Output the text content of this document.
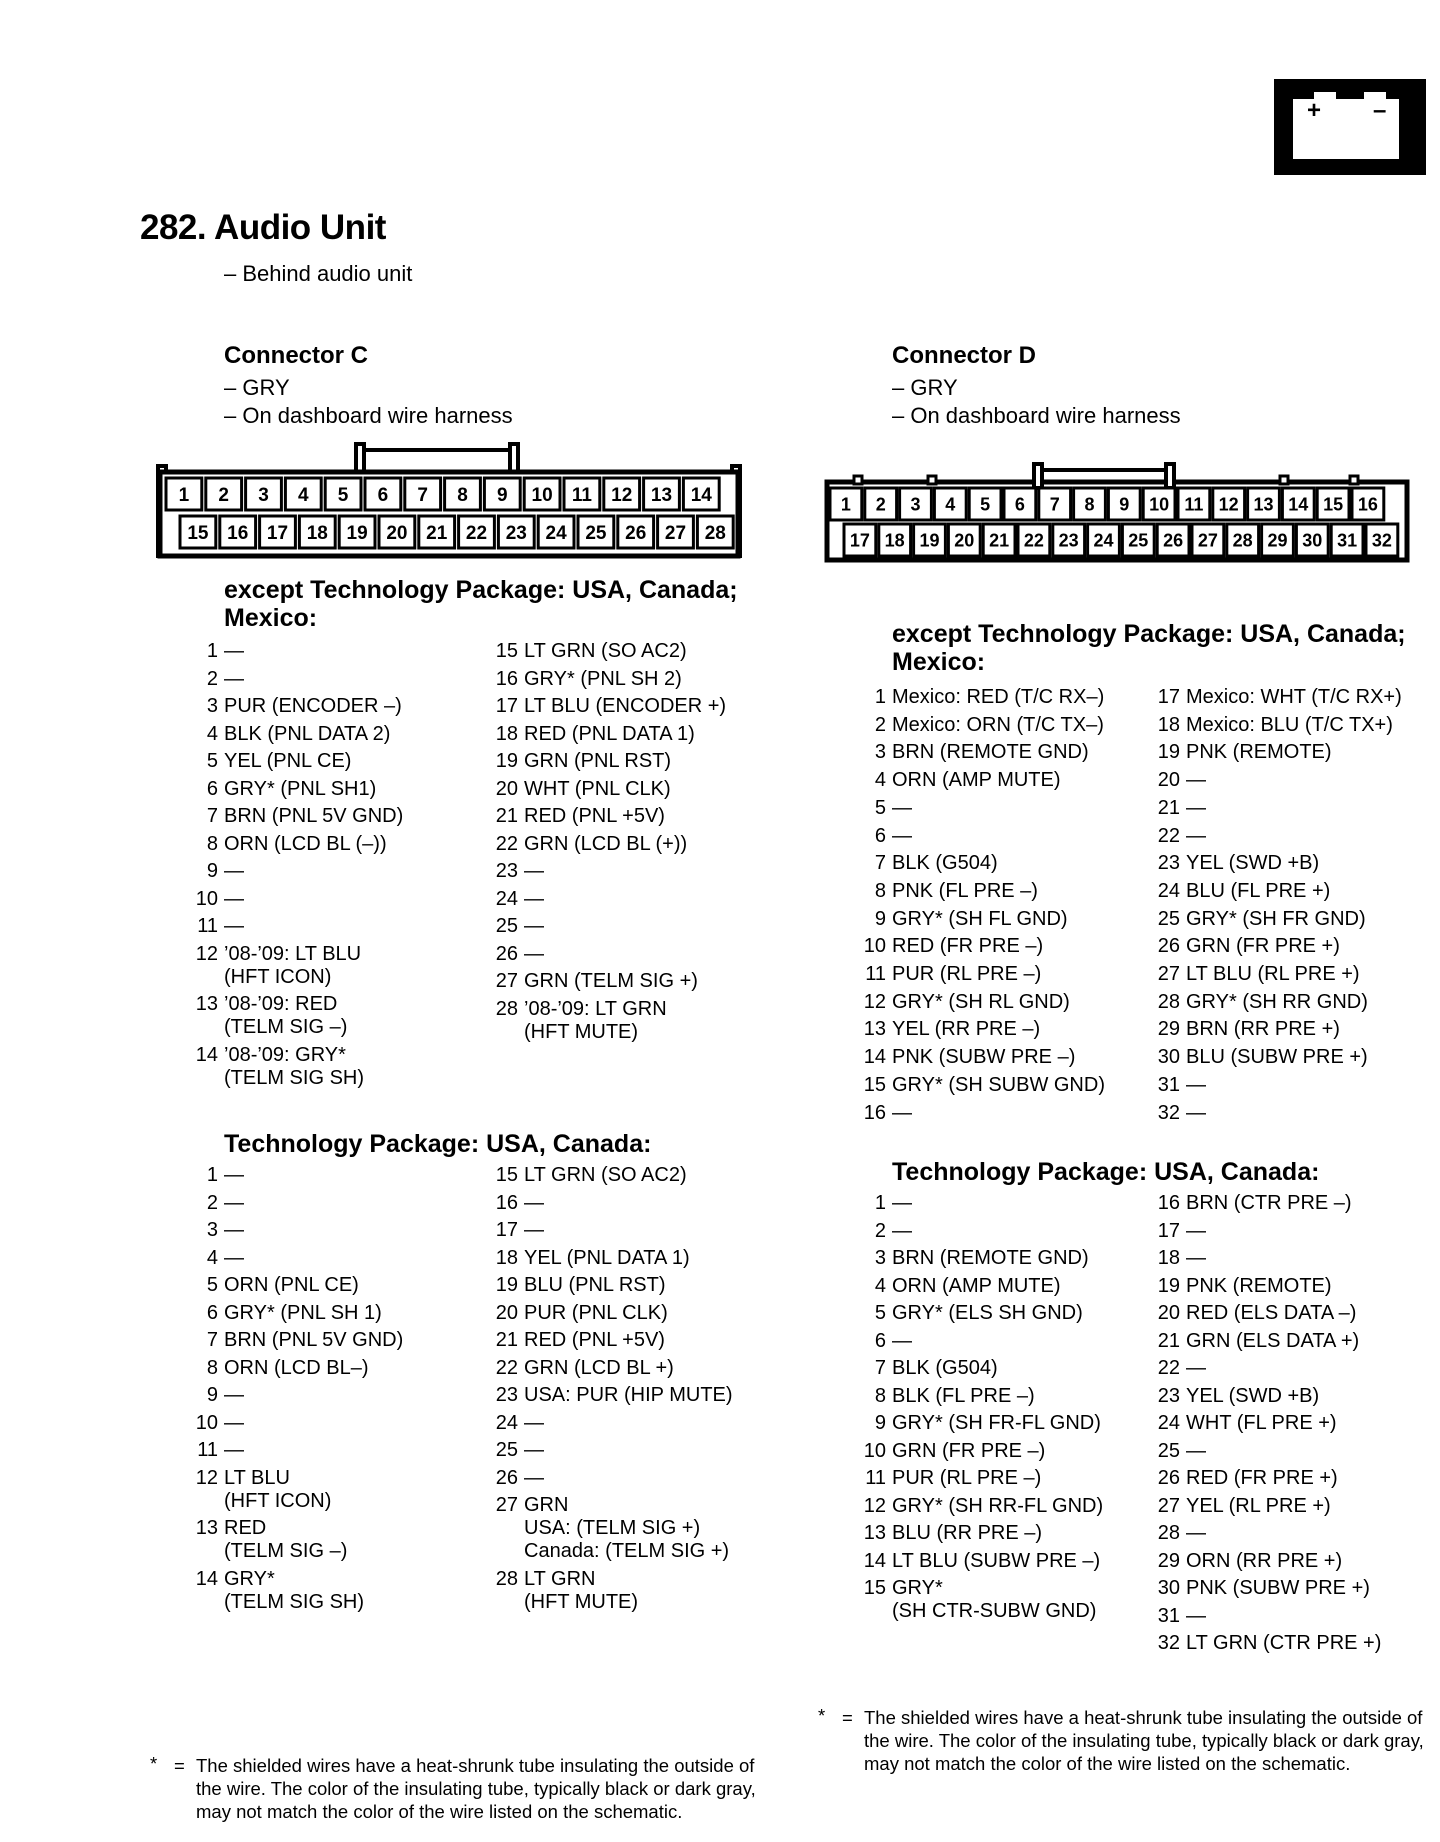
+ –
282. Audio Unit
– Behind audio unit
Connector C
– GRY
– On dashboard wire harness
Connector D
– GRY
– On dashboard wire harness
1 2 3 4 5 6 7 8 9 10 11 12 13 14
15 16 17 18 19 20 21 22 23 24 25 26 27 28
1 2 3 4 5 6 7 8 9 10 11 12 13 14 15 16
17 18 19 20 21 22 23 24 25 26 27 28 29 30 31 32
except Technology Package: USA, Canada; Mexico:
1 —
2 —
3 PUR (ENCODER –)
4 BLK (PNL DATA 2)
5 YEL (PNL CE)
6 GRY* (PNL SH1)
7 BRN (PNL 5V GND)
8 ORN (LCD BL (–))
9 —
10 —
11 —
12 ’08-’09: LT BLU
(HFT ICON)
13 ’08-’09: RED
(TELM SIG –)
14 ’08-’09: GRY*
(TELM SIG SH)
15 LT GRN (SO AC2)
16 GRY* (PNL SH 2)
17 LT BLU (ENCODER +)
18 RED (PNL DATA 1)
19 GRN (PNL RST)
20 WHT (PNL CLK)
21 RED (PNL +5V)
22 GRN (LCD BL (+))
23 —
24 —
25 —
26 —
27 GRN (TELM SIG +)
28 ’08-’09: LT GRN
(HFT MUTE)
Technology Package: USA, Canada:
1 —
2 —
3 —
4 —
5 ORN (PNL CE)
6 GRY* (PNL SH 1)
7 BRN (PNL 5V GND)
8 ORN (LCD BL–)
9 —
10 —
11 —
12 LT BLU
(HFT ICON)
13 RED
(TELM SIG –)
14 GRY*
(TELM SIG SH)
15 LT GRN (SO AC2)
16 —
17 —
18 YEL (PNL DATA 1)
19 BLU (PNL RST)
20 PUR (PNL CLK)
21 RED (PNL +5V)
22 GRN (LCD BL +)
23 USA: PUR (HIP MUTE)
24 —
25 —
26 —
27 GRN
USA: (TELM SIG +)
Canada: (TELM SIG +)
28 LT GRN
(HFT MUTE)
except Technology Package: USA, Canada; Mexico:
1 Mexico: RED (T/C RX–)
2 Mexico: ORN (T/C TX–)
3 BRN (REMOTE GND)
4 ORN (AMP MUTE)
5 —
6 —
7 BLK (G504)
8 PNK (FL PRE –)
9 GRY* (SH FL GND)
10 RED (FR PRE –)
11 PUR (RL PRE –)
12 GRY* (SH RL GND)
13 YEL (RR PRE –)
14 PNK (SUBW PRE –)
15 GRY* (SH SUBW GND)
16 —
17 Mexico: WHT (T/C RX+)
18 Mexico: BLU (T/C TX+)
19 PNK (REMOTE)
20 —
21 —
22 —
23 YEL (SWD +B)
24 BLU (FL PRE +)
25 GRY* (SH FR GND)
26 GRN (FR PRE +)
27 LT BLU (RL PRE +)
28 GRY* (SH RR GND)
29 BRN (RR PRE +)
30 BLU (SUBW PRE +)
31 —
32 —
Technology Package: USA, Canada:
1 —
2 —
3 BRN (REMOTE GND)
4 ORN (AMP MUTE)
5 GRY* (ELS SH GND)
6 —
7 BLK (G504)
8 BLK (FL PRE –)
9 GRY* (SH FR-FL GND)
10 GRN (FR PRE –)
11 PUR (RL PRE –)
12 GRY* (SH RR-FL GND)
13 BLU (RR PRE –)
14 LT BLU (SUBW PRE –)
15 GRY*
(SH CTR-SUBW GND)
16 BRN (CTR PRE –)
17 —
18 —
19 PNK (REMOTE)
20 RED (ELS DATA –)
21 GRN (ELS DATA +)
22 —
23 YEL (SWD +B)
24 WHT (FL PRE +)
25 —
26 RED (FR PRE +)
27 YEL (RL PRE +)
28 —
29 ORN (RR PRE +)
30 PNK (SUBW PRE +)
31 —
32 LT GRN (CTR PRE +)
* = The shielded wires have a heat-shrunk tube insulating the outside of the wire. The color of the insulating tube, typically black or dark gray, may not match the color of the wire listed on the schematic.
* = The shielded wires have a heat-shrunk tube insulating the outside of the wire. The color of the insulating tube, typically black or dark gray, may not match the color of the wire listed on the schematic.
